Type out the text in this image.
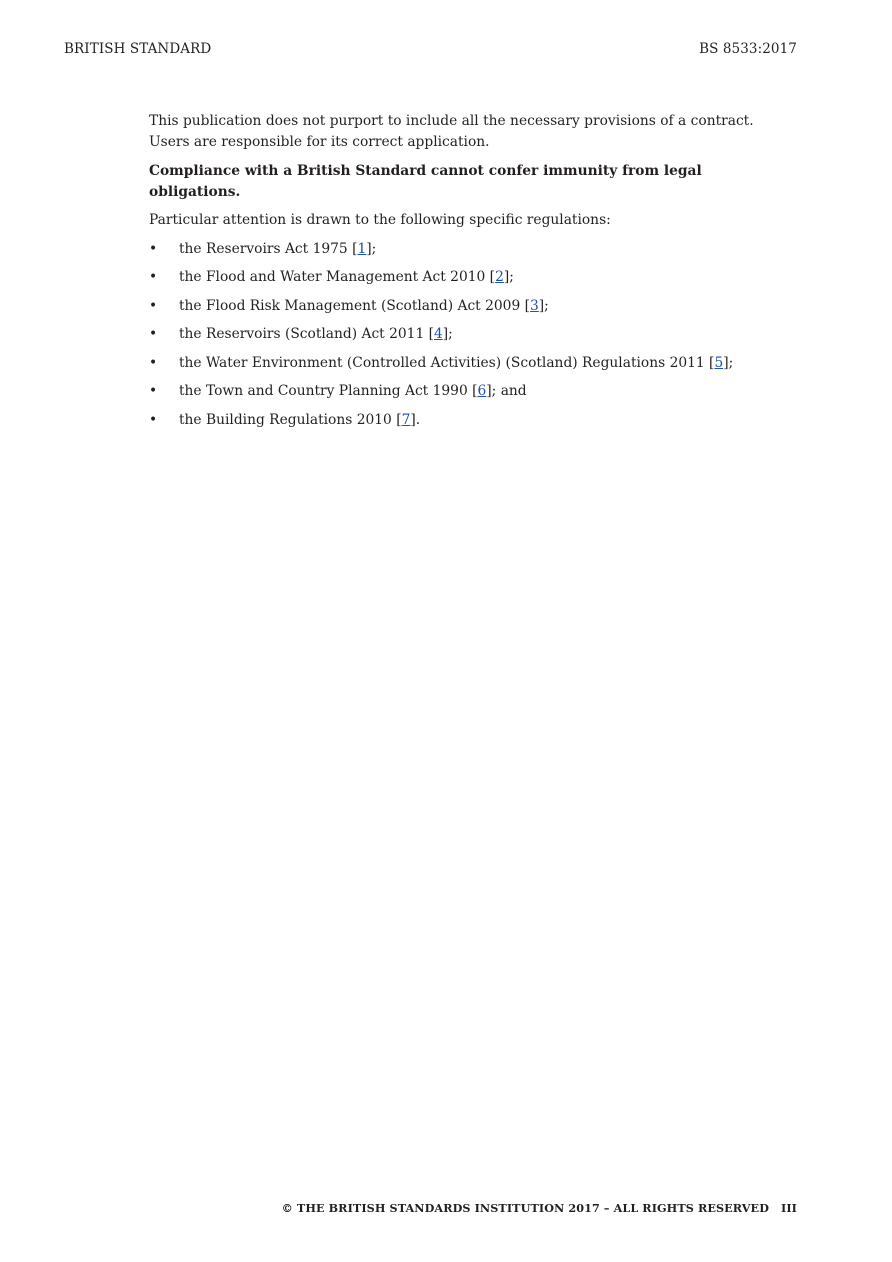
BRITISH STANDARD	BS 8533:2017

This publication does not purport to include all the necessary provisions of a contract. Users are responsible for its correct application.

Compliance with a British Standard cannot confer immunity from legal obligations.

Particular attention is drawn to the following specific regulations:

• the Reservoirs Act 1975 [1];
• the Flood and Water Management Act 2010 [2];
• the Flood Risk Management (Scotland) Act 2009 [3];
• the Reservoirs (Scotland) Act 2011 [4];
• the Water Environment (Controlled Activities) (Scotland) Regulations 2011 [5];
• the Town and Country Planning Act 1990 [6]; and
• the Building Regulations 2010 [7].
© THE BRITISH STANDARDS INSTITUTION 2017 – ALL RIGHTS RESERVED III
